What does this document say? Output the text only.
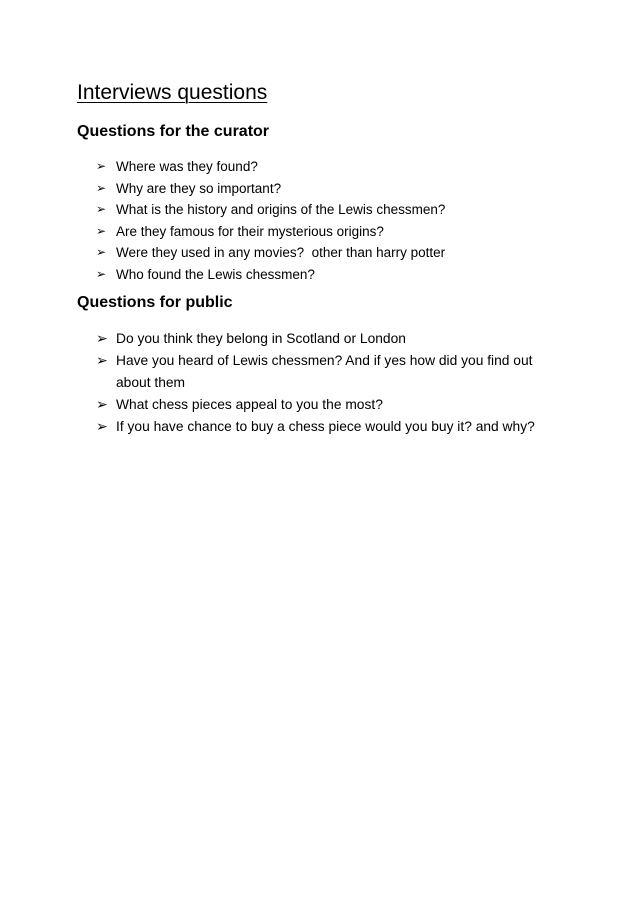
Interviews questions
Questions for the curator
➢ Where was they found?
➢ Why are they so important?
➢ What is the history and origins of the Lewis chessmen?
➢ Are they famous for their mysterious origins?
➢ Were they used in any movies?  other than harry potter
➢ Who found the Lewis chessmen?
Questions for public
➢ Do you think they belong in Scotland or London
➢ Have you heard of Lewis chessmen? And if yes how did you find out about them
➢ What chess pieces appeal to you the most?
➢ If you have chance to buy a chess piece would you buy it? and why?
